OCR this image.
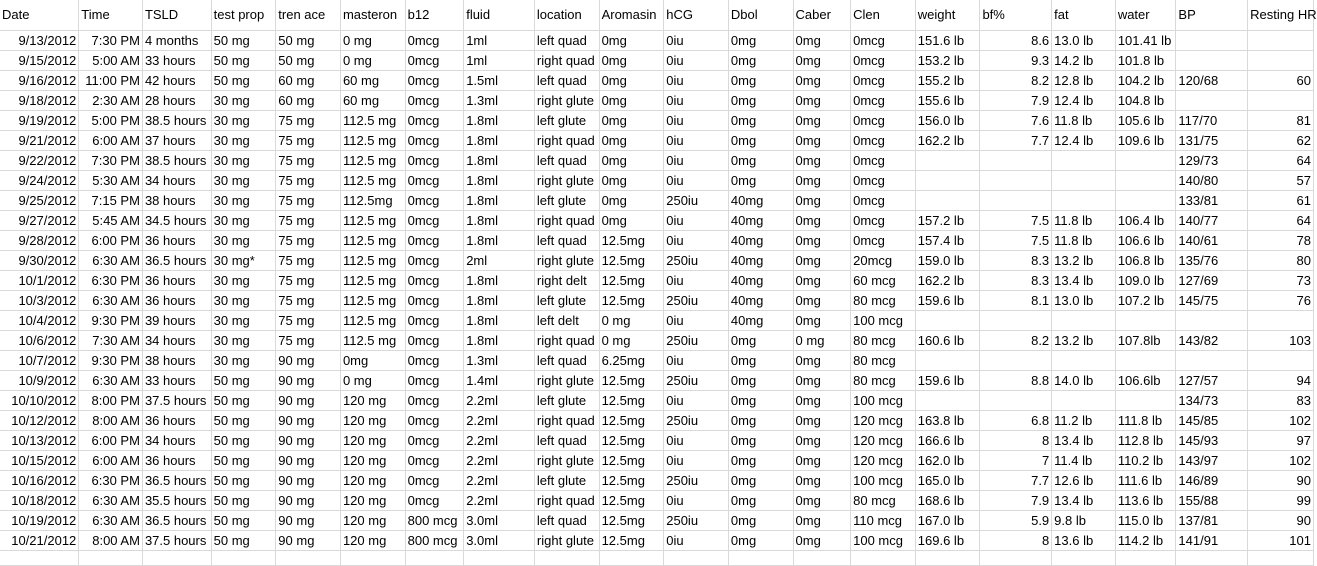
Date	Time	TSLD	test prop	tren ace	masteron	b12	fluid	location	Aromasin	hCG	Dbol	Caber	Clen	weight	bf%	fat	water	BP	Resting HR
9/13/2012	7:30 PM	4 months	50 mg	50 mg	0 mg	0mcg	1ml	left quad	0mg	0iu	0mg	0mg	0mcg	151.6 lb	8.6	13.0 lb	101.41 lb		
9/15/2012	5:00 AM	33 hours	50 mg	50 mg	0 mg	0mcg	1ml	right quad	0mg	0iu	0mg	0mg	0mcg	153.2 lb	9.3	14.2 lb	101.8 lb		
9/16/2012	11:00 PM	42 hours	50 mg	60 mg	60 mg	0mcg	1.5ml	left quad	0mg	0iu	0mg	0mg	0mcg	155.2 lb	8.2	12.8 lb	104.2 lb	120/68	60
9/18/2012	2:30 AM	28 hours	30 mg	60 mg	60 mg	0mcg	1.3ml	right glute	0mg	0iu	0mg	0mg	0mcg	155.6 lb	7.9	12.4 lb	104.8 lb		
9/19/2012	5:00 PM	38.5 hours	30 mg	75 mg	112.5 mg	0mcg	1.8ml	left glute	0mg	0iu	0mg	0mg	0mcg	156.0 lb	7.6	11.8 lb	105.6 lb	117/70	81
9/21/2012	6:00 AM	37 hours	30 mg	75 mg	112.5 mg	0mcg	1.8ml	right quad	0mg	0iu	0mg	0mg	0mcg	162.2 lb	7.7	12.4 lb	109.6 lb	131/75	62
9/22/2012	7:30 PM	38.5 hours	30 mg	75 mg	112.5 mg	0mcg	1.8ml	left quad	0mg	0iu	0mg	0mg	0mcg					129/73	64
9/24/2012	5:30 AM	34 hours	30 mg	75 mg	112.5 mg	0mcg	1.8ml	right glute	0mg	0iu	0mg	0mg	0mcg					140/80	57
9/25/2012	7:15 PM	38 hours	30 mg	75 mg	112.5mg	0mcg	1.8ml	left glute	0mg	250iu	40mg	0mg	0mcg					133/81	61
9/27/2012	5:45 AM	34.5 hours	30 mg	75 mg	112.5 mg	0mcg	1.8ml	right quad	0mg	0iu	40mg	0mg	0mcg	157.2 lb	7.5	11.8 lb	106.4 lb	140/77	64
9/28/2012	6:00 PM	36 hours	30 mg	75 mg	112.5 mg	0mcg	1.8ml	left quad	12.5mg	0iu	40mg	0mg	0mcg	157.4 lb	7.5	11.8 lb	106.6 lb	140/61	78
9/30/2012	6:30 AM	36.5 hours	30 mg*	75 mg	112.5 mg	0mcg	2ml	right glute	12.5mg	250iu	40mg	0mg	20mcg	159.0 lb	8.3	13.2 lb	106.8 lb	135/76	80
10/1/2012	6:30 PM	36 hours	30 mg	75 mg	112.5 mg	0mcg	1.8ml	right delt	12.5mg	0iu	40mg	0mg	60 mcg	162.2 lb	8.3	13.4 lb	109.0 lb	127/69	73
10/3/2012	6:30 AM	36 hours	30 mg	75 mg	112.5 mg	0mcg	1.8ml	left glute	12.5mg	250iu	40mg	0mg	80 mcg	159.6 lb	8.1	13.0 lb	107.2 lb	145/75	76
10/4/2012	9:30 PM	39 hours	30 mg	75 mg	112.5 mg	0mcg	1.8ml	left delt	0 mg	0iu	40mg	0mg	100 mcg						
10/6/2012	7:30 AM	34 hours	30 mg	75 mg	112.5 mg	0mcg	1.8ml	right quad	0 mg	250iu	0mg	0 mg	80 mcg	160.6 lb	8.2	13.2 lb	107.8lb	143/82	103
10/7/2012	9:30 PM	38 hours	30 mg	90 mg	0mg	0mcg	1.3ml	left quad	6.25mg	0iu	0mg	0mg	80 mcg						
10/9/2012	6:30 AM	33 hours	50 mg	90 mg	0 mg	0mcg	1.4ml	right glute	12.5mg	250iu	0mg	0mg	80 mcg	159.6 lb	8.8	14.0 lb	106.6lb	127/57	94
10/10/2012	8:00 PM	37.5 hours	50 mg	90 mg	120 mg	0mcg	2.2ml	left glute	12.5mg	0iu	0mg	0mg	100 mcg					134/73	83
10/12/2012	8:00 AM	36 hours	50 mg	90 mg	120 mg	0mcg	2.2ml	right quad	12.5mg	250iu	0mg	0mg	120 mcg	163.8 lb	6.8	11.2 lb	111.8 lb	145/85	102
10/13/2012	6:00 PM	34 hours	50 mg	90 mg	120 mg	0mcg	2.2ml	left quad	12.5mg	0iu	0mg	0mg	120 mcg	166.6 lb	8	13.4 lb	112.8 lb	145/93	97
10/15/2012	6:00 AM	36 hours	50 mg	90 mg	120 mg	0mcg	2.2ml	right glute	12.5mg	0iu	0mg	0mg	120 mcg	162.0 lb	7	11.4 lb	110.2 lb	143/97	102
10/16/2012	6:30 PM	36.5 hours	50 mg	90 mg	120 mg	0mcg	2.2ml	left glute	12.5mg	250iu	0mg	0mg	100 mcg	165.0 lb	7.7	12.6 lb	111.6 lb	146/89	90
10/18/2012	6:30 AM	35.5 hours	50 mg	90 mg	120 mg	0mcg	2.2ml	right quad	12.5mg	0iu	0mg	0mg	80 mcg	168.6 lb	7.9	13.4 lb	113.6 lb	155/88	99
10/19/2012	6:30 AM	36.5 hours	50 mg	90 mg	120 mg	800 mcg	3.0ml	left quad	12.5mg	250iu	0mg	0mg	110 mcg	167.0 lb	5.9	9.8 lb	115.0 lb	137/81	90
10/21/2012	8:00 AM	37.5 hours	50 mg	90 mg	120 mg	800 mcg	3.0ml	right glute	12.5mg	0iu	0mg	0mg	100 mcg	169.6 lb	8	13.6 lb	114.2 lb	141/91	101
